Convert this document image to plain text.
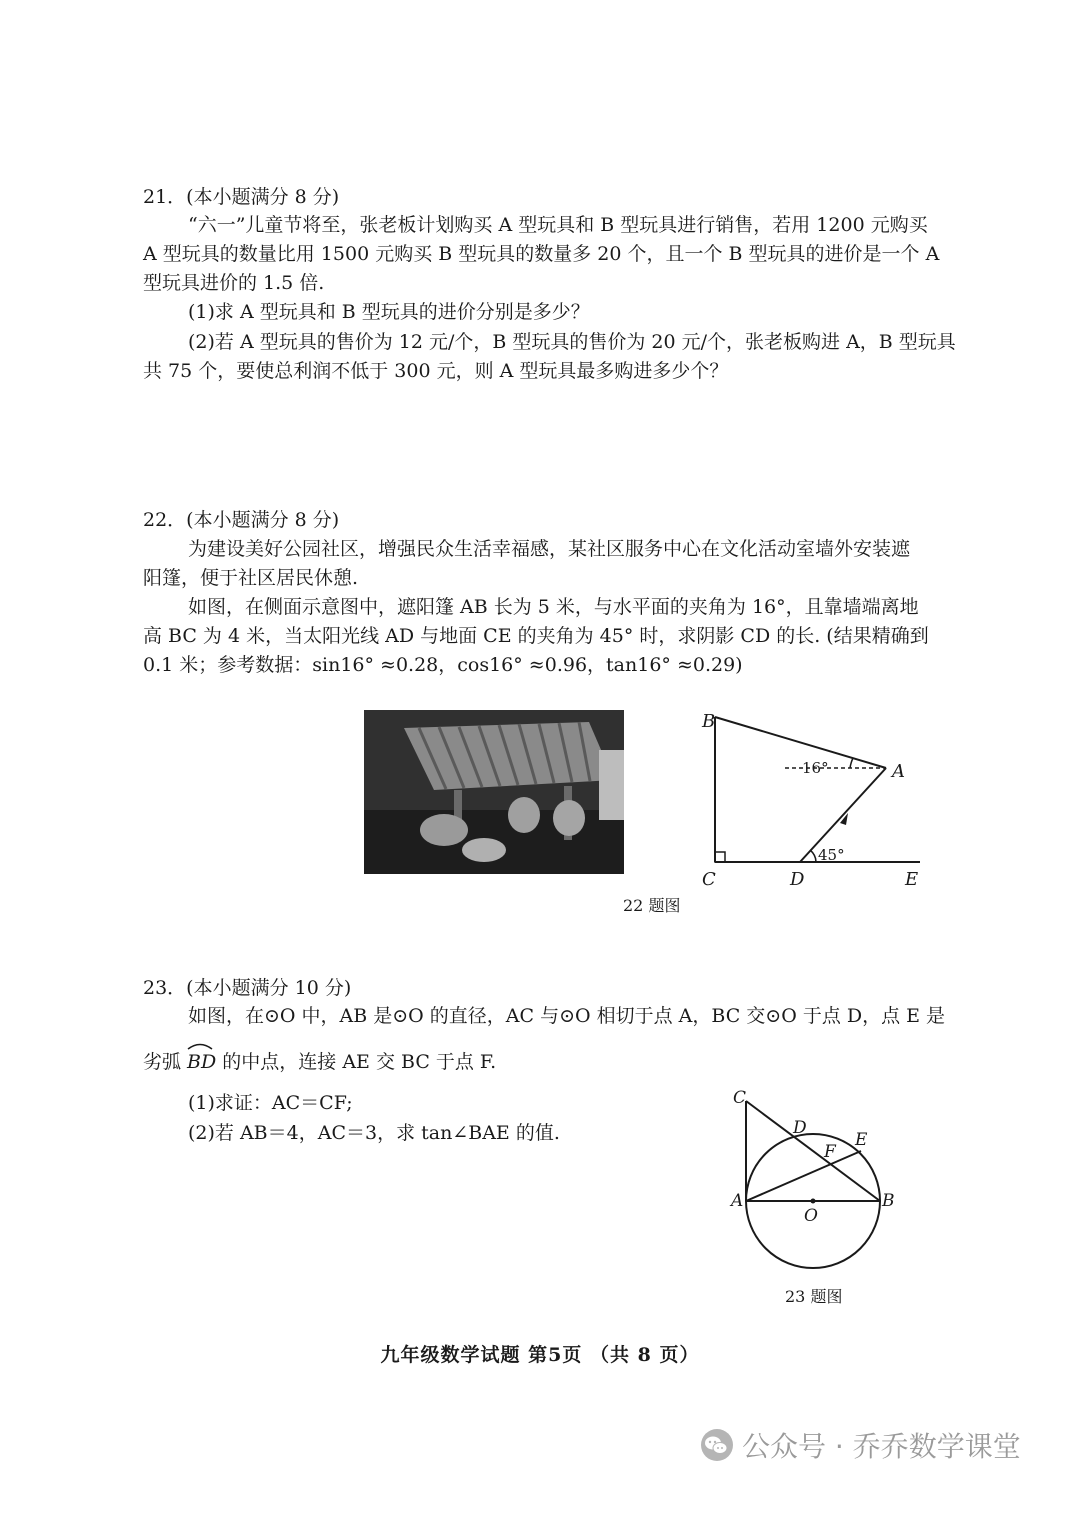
21．(本小题满分 8 分)
“六一”儿童节将至，张老板计划购买 A 型玩具和 B 型玩具进行销售，若用 1200 元购买
A 型玩具的数量比用 1500 元购买 B 型玩具的数量多 20 个，且一个 B 型玩具的进价是一个 A
型玩具进价的 1.5 倍.
(1)求 A 型玩具和 B 型玩具的进价分别是多少？
(2)若 A 型玩具的售价为 12 元/个，B 型玩具的售价为 20 元/个，张老板购进 A，B 型玩具
共 75 个，要使总利润不低于 300 元，则 A 型玩具最多购进多少个？
22．(本小题满分 8 分)
为建设美好公园社区，增强民众生活幸福感，某社区服务中心在文化活动室墙外安装遮
阳篷，便于社区居民休憩.
如图，在侧面示意图中，遮阳篷 AB 长为 5 米，与水平面的夹角为 16°，且靠墙端离地
高 BC 为 4 米，当太阳光线 AD 与地面 CE 的夹角为 45° 时，求阴影 CD 的长. (结果精确到
0.1 米；参考数据：sin16° ≈0.28，cos16° ≈0.96，tan16° ≈0.29)
B
A
C	D	E
16°
45°
22 题图
23．(本小题满分 10 分)
如图，在⊙O 中，AB 是⊙O 的直径，AC 与⊙O 相切于点 A，BC 交⊙O 于点 D，点 E 是
劣弧
BD 的中点，连接 AE 交 BC 于点 F.
(1)求证：AC＝CF;
(2)若 AB＝4，AC＝3，求 tan∠BAE 的值.
C
D
E
F
A
O
B
23 题图
九年级数学试题 第5页 （共 8 页）
公众号 · 乔乔数学课堂
